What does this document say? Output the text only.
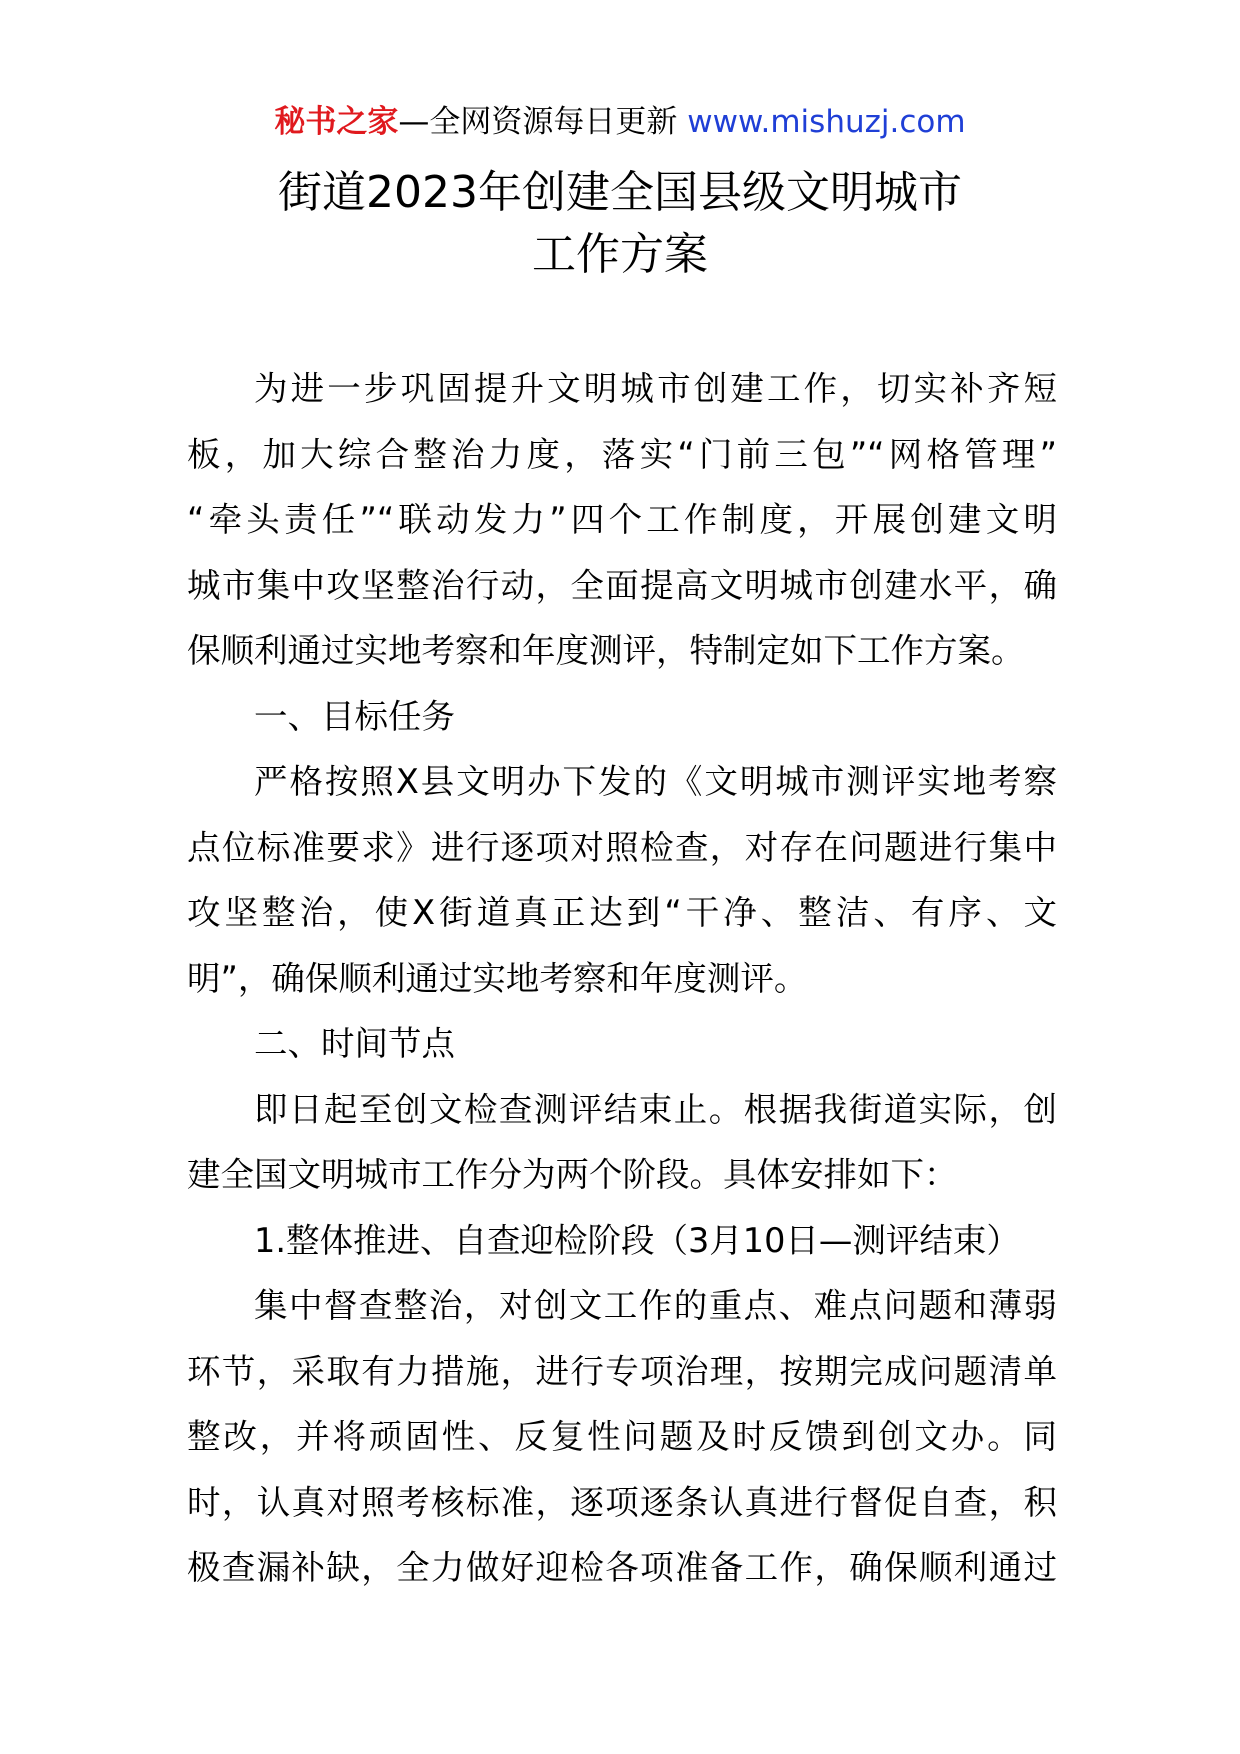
秘书之家—全网资源每日更新 www.mishuzj.com
街道2023年创建全国县级文明城市
工作方案
为进一步巩固提升文明城市创建工作，切实补齐短
板，加大综合整治力度，落实“门前三包”“网格管理”
“牵头责任”“联动发力”四个工作制度，开展创建文明
城市集中攻坚整治行动，全面提高文明城市创建水平，确
保顺利通过实地考察和年度测评，特制定如下工作方案。
一、目标任务
严格按照X县文明办下发的《文明城市测评实地考察
点位标准要求》进行逐项对照检查，对存在问题进行集中
攻坚整治，使X街道真正达到“干净、整洁、有序、文
明”，确保顺利通过实地考察和年度测评。
二、时间节点
即日起至创文检查测评结束止。根据我街道实际，创
建全国文明城市工作分为两个阶段。具体安排如下：
1.整体推进、自查迎检阶段（3月10日—测评结束）
集中督查整治，对创文工作的重点、难点问题和薄弱
环节，采取有力措施，进行专项治理，按期完成问题清单
整改，并将顽固性、反复性问题及时反馈到创文办。同
时，认真对照考核标准，逐项逐条认真进行督促自查，积
极查漏补缺，全力做好迎检各项准备工作，确保顺利通过
